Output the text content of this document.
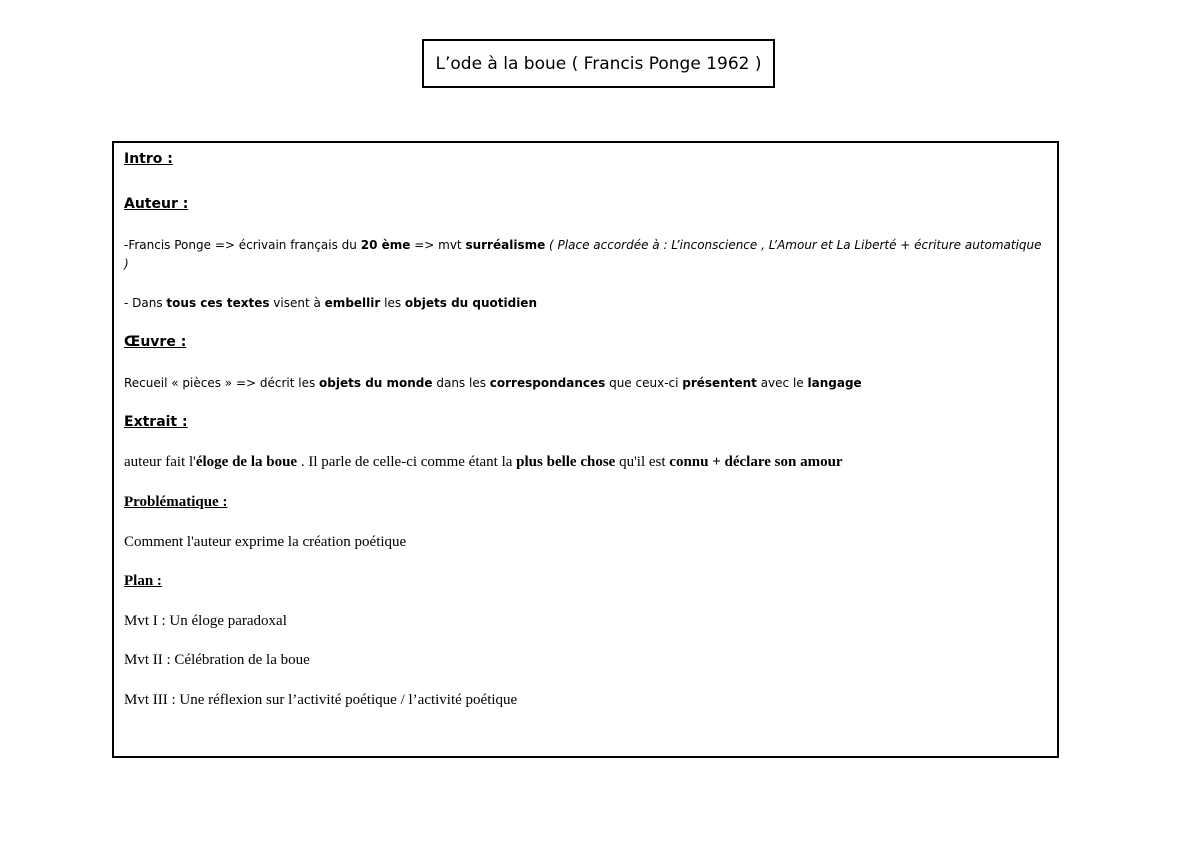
L’ode à la boue ( Francis Ponge 1962 )
Intro :
Auteur :
-Francis Ponge => écrivain français du 20 ème => mvt surréalisme ( Place accordée à : L’inconscience , L’Amour et La Liberté + écriture automatique )
- Dans tous ces textes visent à embellir les objets du quotidien
Œuvre :
Recueil « pièces » => décrit les objets du monde dans les correspondances que ceux-ci présentent avec le langage
Extrait :
auteur fait l'éloge de la boue . Il parle de celle-ci comme étant la plus belle chose qu'il est connu + déclare son amour
Problématique :
Comment l'auteur exprime la création poétique
Plan :
Mvt I : Un éloge paradoxal
Mvt II : Célébration de la boue
Mvt III : Une réflexion sur l’activité poétique / l’activité poétique
